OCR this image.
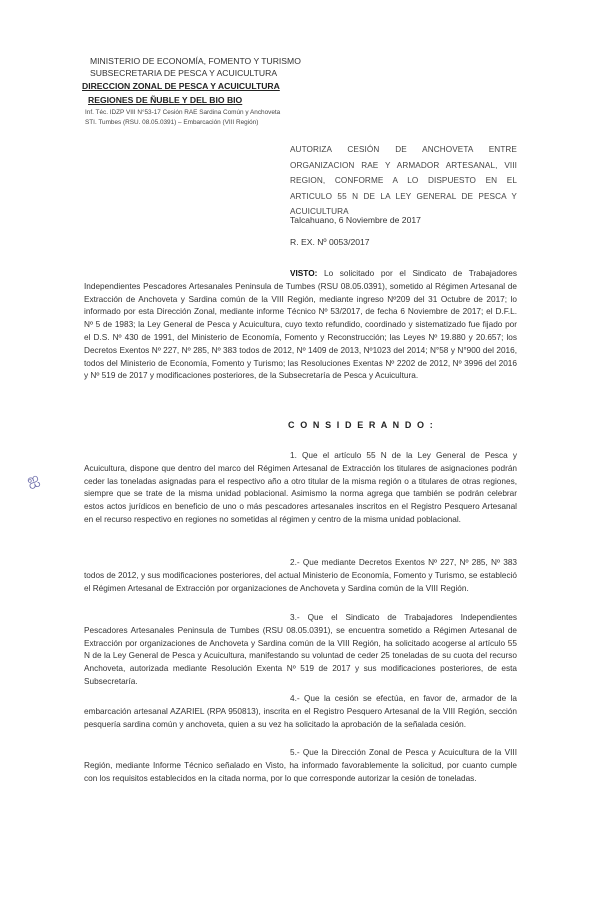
MINISTERIO DE ECONOMÍA, FOMENTO Y TURISMO
SUBSECRETARIA DE PESCA Y ACUICULTURA
DIRECCION ZONAL DE PESCA Y ACUICULTURA
REGIONES DE ÑUBLE Y DEL BIO BIO
Inf. Téc. IDZP VIII N°53-17 Cesión RAE Sardina Común y Anchoveta
STI. Tumbes (RSU. 08.05.0391) – Embarcación (VIII Región)
AUTORIZA CESIÓN DE ANCHOVETA ENTRE ORGANIZACION RAE Y ARMADOR ARTESANAL, VIII REGION, CONFORME A LO DISPUESTO EN EL ARTICULO 55 N DE LA LEY GENERAL DE PESCA Y ACUICULTURA
Talcahuano, 6 Noviembre de 2017
R. EX. Nº 0053/2017
VISTO: Lo solicitado por el Sindicato de Trabajadores Independientes Pescadores Artesanales Peninsula de Tumbes (RSU 08.05.0391), sometido al Régimen Artesanal de Extracción de Anchoveta y Sardina común de la VIII Región, mediante ingreso Nº209 del 31 Octubre de 2017; lo informado por esta Dirección Zonal, mediante informe Técnico Nº 53/2017, de fecha 6 Noviembre de 2017; el D.F.L. Nº 5 de 1983; la Ley General de Pesca y Acuicultura, cuyo texto refundido, coordinado y sistematizado fue fijado por el D.S. Nº 430 de 1991, del Ministerio de Economía, Fomento y Reconstrucción; las Leyes Nº 19.880 y 20.657; los Decretos Exentos Nº 227, Nº 285, Nº 383 todos de 2012, Nº 1409 de 2013, Nº1023 del 2014; N°58 y N°900 del 2016, todos del Ministerio de Economía, Fomento y Turismo; las Resoluciones Exentas Nº 2202 de 2012, Nº 3996 del 2016 y Nº 519 de 2017 y modificaciones posteriores, de la Subsecretaría de Pesca y Acuicultura.
C O N S I D E R A N D O :
ஐ
1. Que el artículo 55 N de la Ley General de Pesca y Acuicultura, dispone que dentro del marco del Régimen Artesanal de Extracción los titulares de asignaciones podrán ceder las toneladas asignadas para el respectivo año a otro titular de la misma región o a titulares de otras regiones, siempre que se trate de la misma unidad poblacional. Asimismo la norma agrega que también se podrán celebrar estos actos jurídicos en beneficio de uno o más pescadores artesanales inscritos en el Registro Pesquero Artesanal en el recurso respectivo en regiones no sometidas al régimen y centro de la misma unidad poblacional.
2.- Que mediante Decretos Exentos Nº 227, Nº 285, Nº 383 todos de 2012, y sus modificaciones posteriores, del actual Ministerio de Economía, Fomento y Turismo, se estableció el Régimen Artesanal de Extracción por organizaciones de Anchoveta y Sardina común de la VIII Región.
3.- Que el Sindicato de Trabajadores Independientes Pescadores Artesanales Peninsula de Tumbes (RSU 08.05.0391), se encuentra sometido a Régimen Artesanal de Extracción por organizaciones de Anchoveta y Sardina común de la VIII Región, ha solicitado acogerse al artículo 55 N de la Ley General de Pesca y Acuicultura, manifestando su voluntad de ceder 25 toneladas de su cuota del recurso Anchoveta, autorizada mediante Resolución Exenta Nº 519 de 2017 y sus modificaciones posteriores, de esta Subsecretaría.
4.- Que la cesión se efectúa, en favor de, armador de la embarcación artesanal AZARIEL (RPA 950813), inscrita en el Registro Pesquero Artesanal de la VIII Región, sección pesquería sardina común y anchoveta, quien a su vez ha solicitado la aprobación de la señalada cesión.
5.- Que la Dirección Zonal de Pesca y Acuicultura de la VIII Región, mediante Informe Técnico señalado en Visto, ha informado favorablemente la solicitud, por cuanto cumple con los requisitos establecidos en la citada norma, por lo que corresponde autorizar la cesión de toneladas.
